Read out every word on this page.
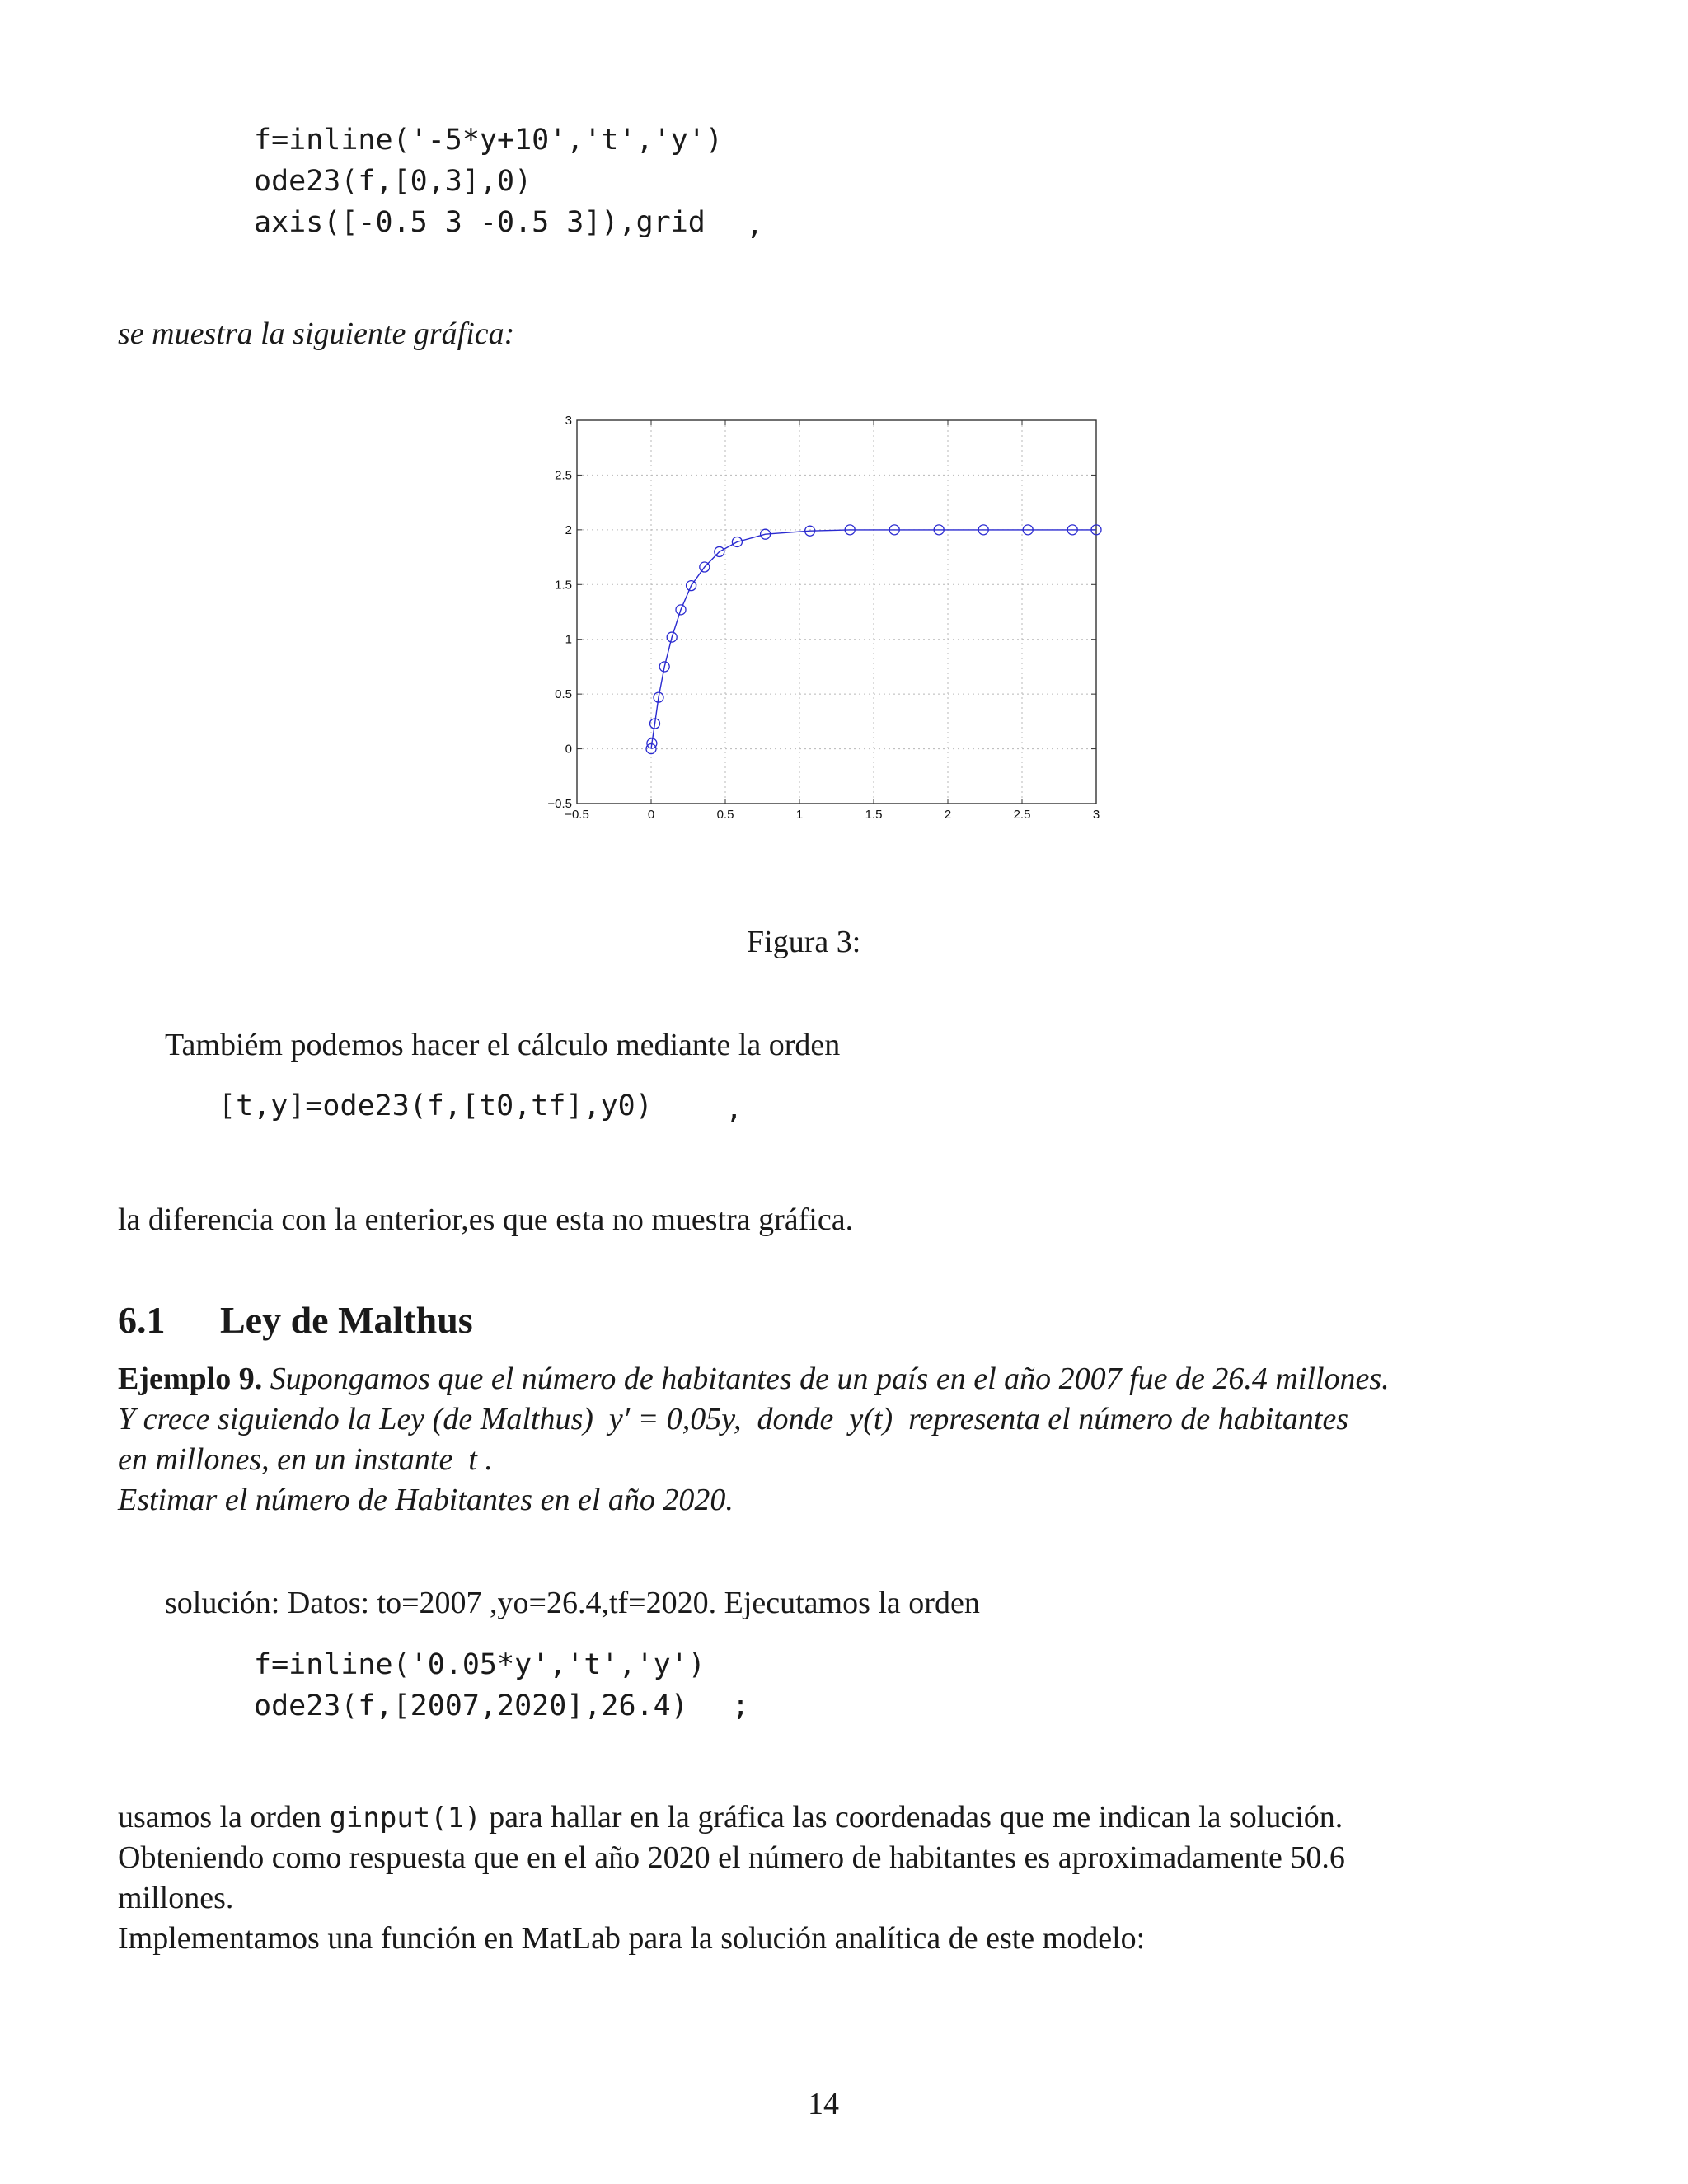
f=inline('-5*y+10','t','y')
ode23(f,[0,3],0)
axis([-0.5 3 -0.5 3]),grid ,
se muestra la siguiente gráfica:
−0.5	0	0.5	1	1.5	2	2.5	3
−0.5
0
0.5
1
1.5
2
2.5
3
Figura 3:
Tambiém podemos hacer el cálculo mediante la orden
[t,y]=ode23(f,[t0,tf],y0)	,
la diferencia con la enterior,es que esta no muestra gráfica.
6.1 Ley de Malthus
Ejemplo 9. Supongamos que el número de habitantes de un país en el año 2007 fue de 26.4 millones.
Y crece siguiendo la Ley (de Malthus)  y′ = 0,05y,  donde  y(t)  representa el número de habitantes
en millones, en un instante  t .
Estimar el número de Habitantes en el año 2020.
solución: Datos: to=2007 ,yo=26.4,tf=2020. Ejecutamos la orden
f=inline('0.05*y','t','y')
ode23(f,[2007,2020],26.4) ;
usamos la orden ginput(1) para hallar en la gráfica las coordenadas que me indican la solución.
Obteniendo como respuesta que en el año 2020 el número de habitantes es aproximadamente 50.6
millones.
Implementamos una función en MatLab para la solución analítica de este modelo:
14
